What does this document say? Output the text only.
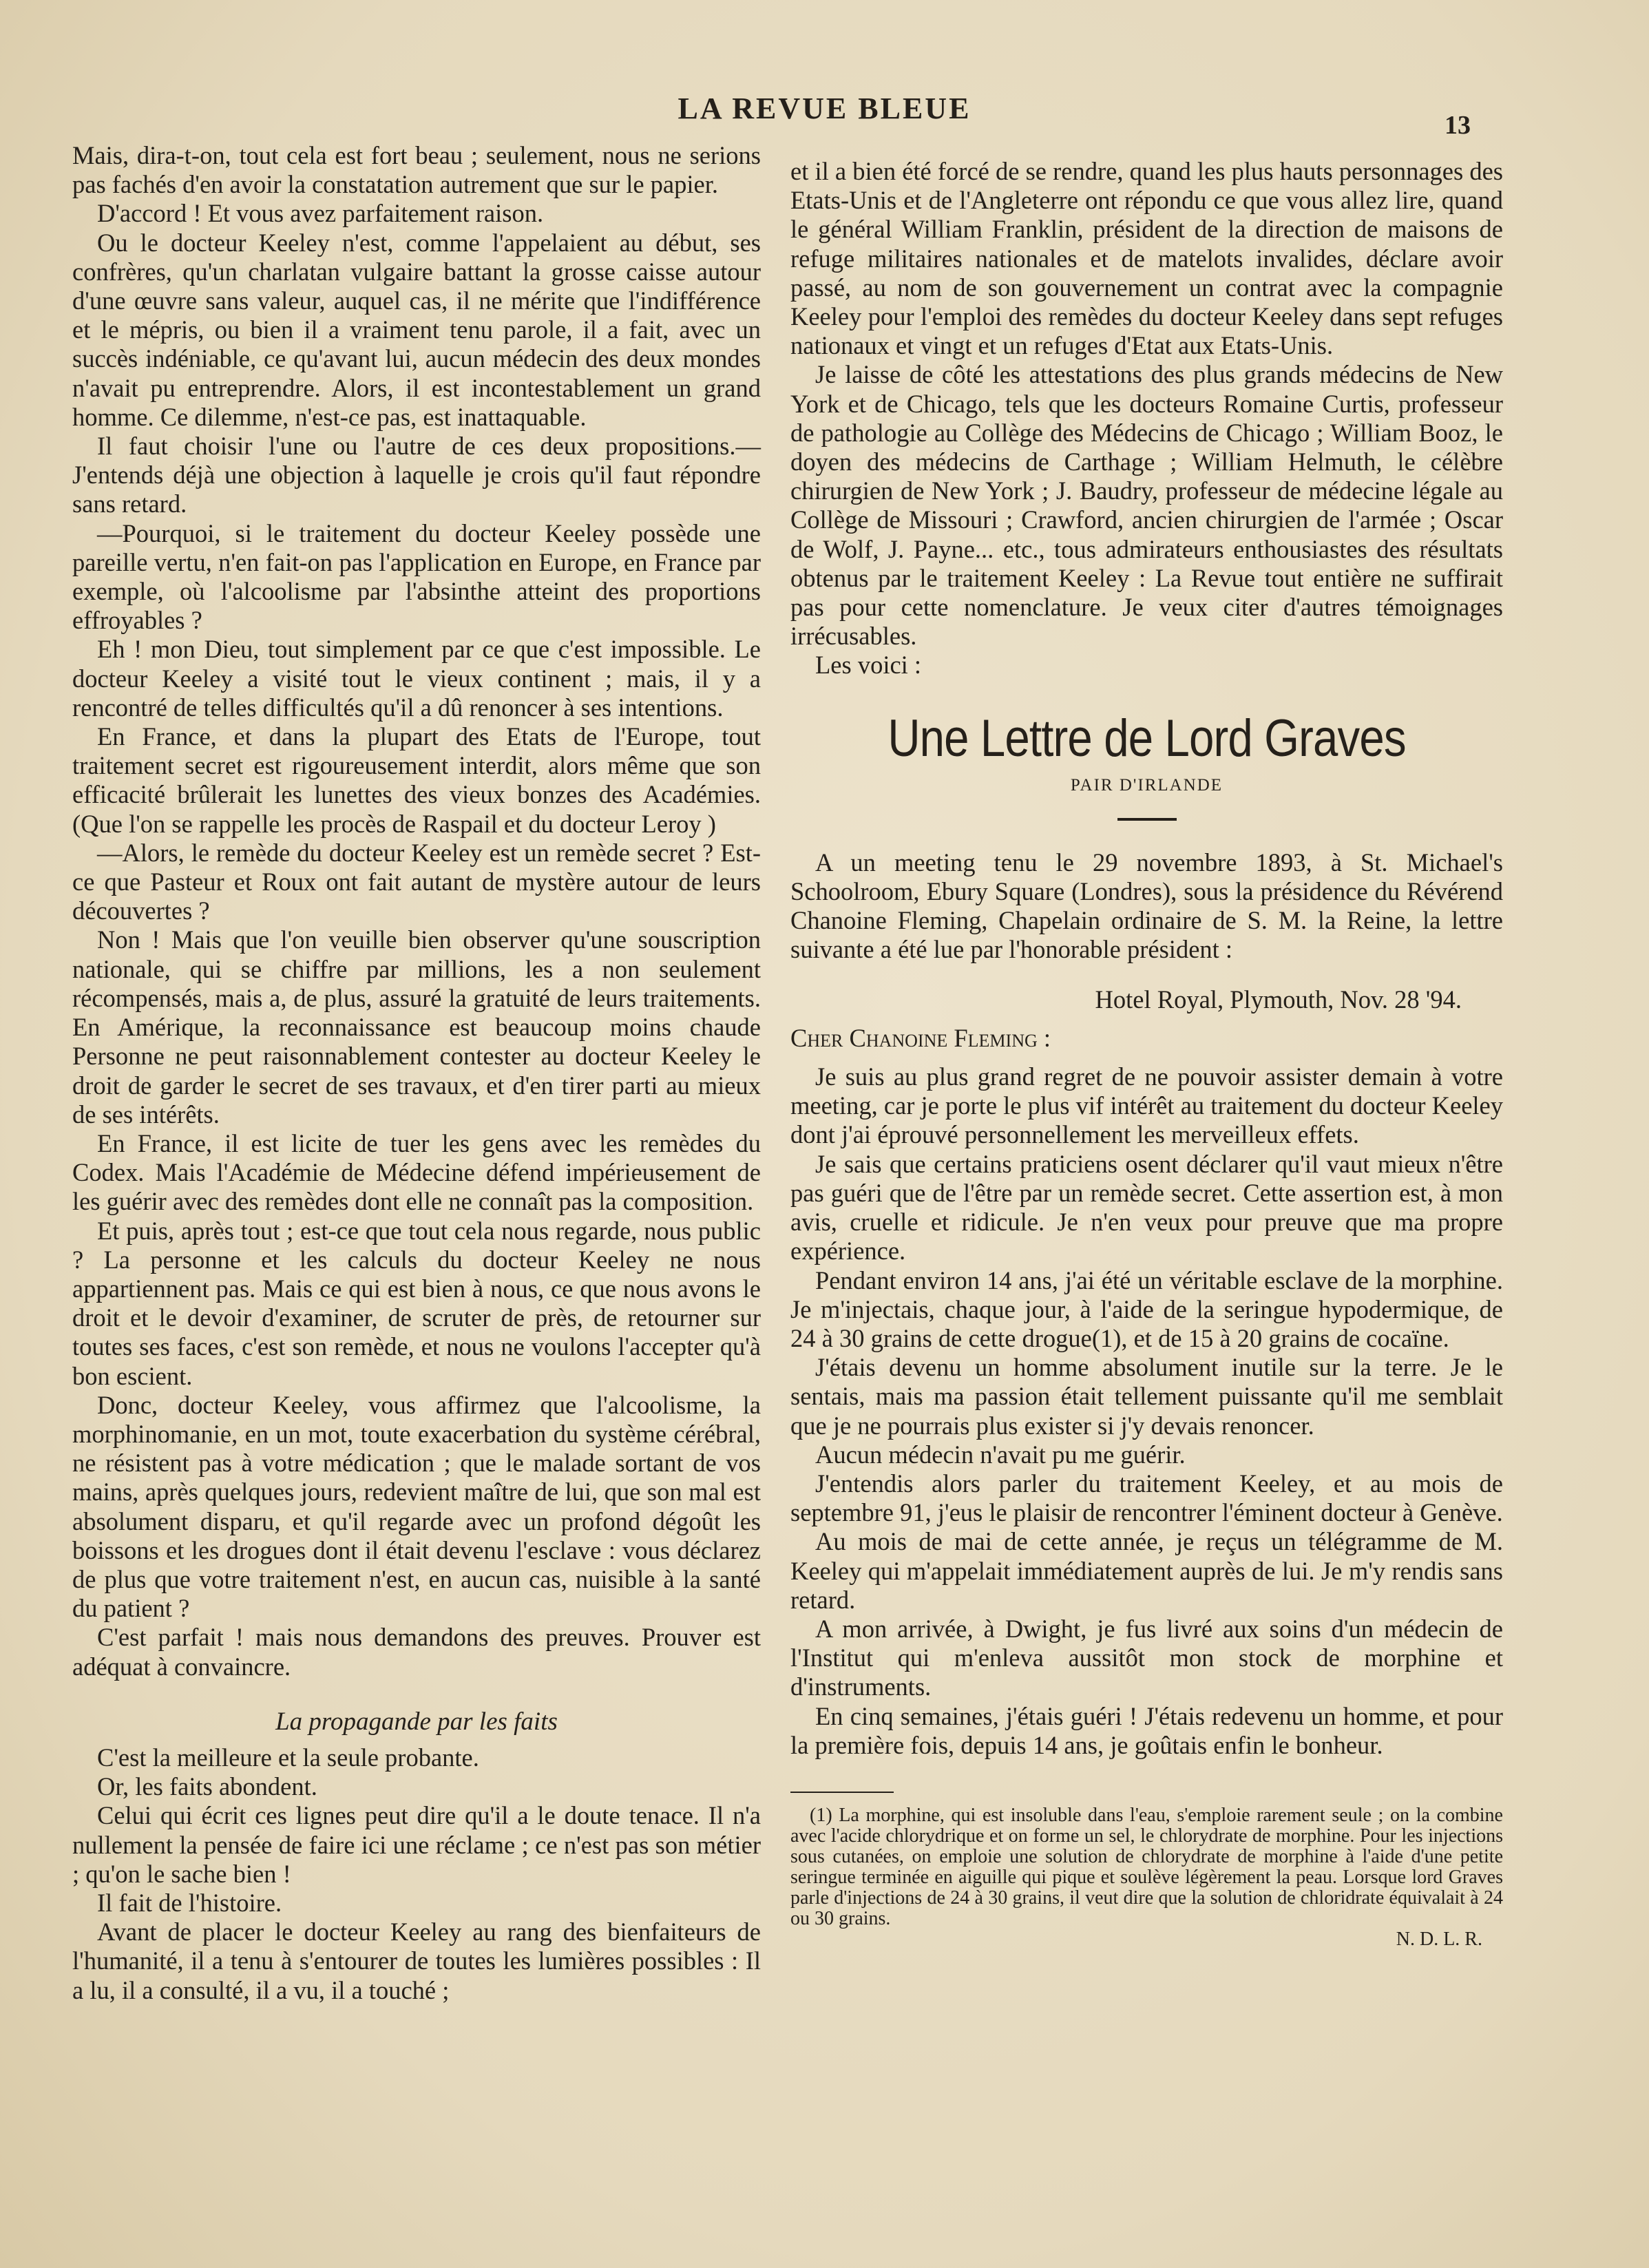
LA REVUE BLEUE	13

Mais, dira-t-on, tout cela est fort beau ; seulement, nous ne serions pas fachés d'en avoir la constatation autrement que sur le papier.

D'accord ! Et vous avez parfaitement raison.

Ou le docteur Keeley n'est, comme l'appelaient au début, ses confrères, qu'un charlatan vulgaire battant la grosse caisse autour d'une œuvre sans valeur, auquel cas, il ne mérite que l'indifférence et le mépris, ou bien il a vraiment tenu parole, il a fait, avec un succès indéniable, ce qu'avant lui, aucun médecin des deux mondes n'avait pu entreprendre. Alors, il est incontestablement un grand homme. Ce dilemme, n'est-ce pas, est inattaquable.

Il faut choisir l'une ou l'autre de ces deux propositions.— J'entends déjà une objection à laquelle je crois qu'il faut répondre sans retard.

—Pourquoi, si le traitement du docteur Keeley possède une pareille vertu, n'en fait-on pas l'application en Europe, en France par exemple, où l'alcoolisme par l'absinthe atteint des proportions effroyables ?

Eh ! mon Dieu, tout simplement par ce que c'est impossible. Le docteur Keeley a visité tout le vieux continent ; mais, il y a rencontré de telles difficultés qu'il a dû renoncer à ses intentions.

En France, et dans la plupart des Etats de l'Europe, tout traitement secret est rigoureusement interdit, alors même que son efficacité brûlerait les lunettes des vieux bonzes des Académies. (Que l'on se rappelle les procès de Raspail et du docteur Leroy )

—Alors, le remède du docteur Keeley est un remède secret ? Est-ce que Pasteur et Roux ont fait autant de mystère autour de leurs découvertes ?

Non ! Mais que l'on veuille bien observer qu'une souscription nationale, qui se chiffre par millions, les a non seulement récompensés, mais a, de plus, assuré la gratuité de leurs traitements. En Amérique, la reconnaissance est beaucoup moins chaude Personne ne peut raisonnablement contester au docteur Keeley le droit de garder le secret de ses travaux, et d'en tirer parti au mieux de ses intérêts.

En France, il est licite de tuer les gens avec les remèdes du Codex. Mais l'Académie de Médecine défend impérieusement de les guérir avec des remèdes dont elle ne connaît pas la composition.

Et puis, après tout ; est-ce que tout cela nous regarde, nous public ? La personne et les calculs du docteur Keeley ne nous appartiennent pas. Mais ce qui est bien à nous, ce que nous avons le droit et le devoir d'examiner, de scruter de près, de retourner sur toutes ses faces, c'est son remède, et nous ne voulons l'accepter qu'à bon escient.

Donc, docteur Keeley, vous affirmez que l'alcoolisme, la morphinomanie, en un mot, toute exacerbation du système cérébral, ne résistent pas à votre médication ; que le malade sortant de vos mains, après quelques jours, redevient maître de lui, que son mal est absolument disparu, et qu'il regarde avec un profond dégoût les boissons et les drogues dont il était devenu l'esclave : vous déclarez de plus que votre traitement n'est, en aucun cas, nuisible à la santé du patient ?

C'est parfait ! mais nous demandons des preuves. Prouver est adéquat à convaincre.

La propagande par les faits

C'est la meilleure et la seule probante.

Or, les faits abondent.

Celui qui écrit ces lignes peut dire qu'il a le doute tenace. Il n'a nullement la pensée de faire ici une réclame ; ce n'est pas son métier ; qu'on le sache bien !

Il fait de l'histoire.

Avant de placer le docteur Keeley au rang des bienfaiteurs de l'humanité, il a tenu à s'entourer de toutes les lumières possibles : Il a lu, il a consulté, il a vu, il a touché ;

et il a bien été forcé de se rendre, quand les plus hauts personnages des Etats-Unis et de l'Angleterre ont répondu ce que vous allez lire, quand le général William Franklin, président de la direction de maisons de refuge militaires nationales et de matelots invalides, déclare avoir passé, au nom de son gouvernement un contrat avec la compagnie Keeley pour l'emploi des remèdes du docteur Keeley dans sept refuges nationaux et vingt et un refuges d'Etat aux Etats-Unis.

Je laisse de côté les attestations des plus grands médecins de New York et de Chicago, tels que les docteurs Romaine Curtis, professeur de pathologie au Collège des Médecins de Chicago ; William Booz, le doyen des médecins de Carthage ; William Helmuth, le célèbre chirurgien de New York ; J. Baudry, professeur de médecine légale au Collège de Missouri ; Crawford, ancien chirurgien de l'armée ; Oscar de Wolf, J. Payne... etc., tous admirateurs enthousiastes des résultats obtenus par le traitement Keeley : La Revue tout entière ne suffirait pas pour cette nomenclature. Je veux citer d'autres témoignages irrécusables.

Les voici :

Une Lettre de Lord Graves
PAIR D'IRLANDE

A un meeting tenu le 29 novembre 1893, à St. Michael's Schoolroom, Ebury Square (Londres), sous la présidence du Révérend Chanoine Fleming, Chapelain ordinaire de S. M. la Reine, la lettre suivante a été lue par l'honorable président :

Hotel Royal, Plymouth, Nov. 28 '94.

Cher Chanoine Fleming :

Je suis au plus grand regret de ne pouvoir assister demain à votre meeting, car je porte le plus vif intérêt au traitement du docteur Keeley dont j'ai éprouvé personnellement les merveilleux effets.

Je sais que certains praticiens osent déclarer qu'il vaut mieux n'être pas guéri que de l'être par un remède secret. Cette assertion est, à mon avis, cruelle et ridicule. Je n'en veux pour preuve que ma propre expérience.

Pendant environ 14 ans, j'ai été un véritable esclave de la morphine. Je m'injectais, chaque jour, à l'aide de la seringue hypodermique, de 24 à 30 grains de cette drogue(1), et de 15 à 20 grains de cocaïne.

J'étais devenu un homme absolument inutile sur la terre. Je le sentais, mais ma passion était tellement puissante qu'il me semblait que je ne pourrais plus exister si j'y devais renoncer.

Aucun médecin n'avait pu me guérir.

J'entendis alors parler du traitement Keeley, et au mois de septembre 91, j'eus le plaisir de rencontrer l'éminent docteur à Genève.

Au mois de mai de cette année, je reçus un télégramme de M. Keeley qui m'appelait immédiatement auprès de lui. Je m'y rendis sans retard.

A mon arrivée, à Dwight, je fus livré aux soins d'un médecin de l'Institut qui m'enleva aussitôt mon stock de morphine et d'instruments.

En cinq semaines, j'étais guéri ! J'étais redevenu un homme, et pour la première fois, depuis 14 ans, je goûtais enfin le bonheur.

(1) La morphine, qui est insoluble dans l'eau, s'emploie rarement seule ; on la combine avec l'acide chlorydrique et on forme un sel, le chlorydrate de morphine. Pour les injections sous cutanées, on emploie une solution de chlorydrate de morphine à l'aide d'une petite seringue terminée en aiguille qui pique et soulève légèrement la peau. Lorsque lord Graves parle d'injections de 24 à 30 grains, il veut dire que la solution de chloridrate équivalait à 24 ou 30 grains.

N. D. L. R.
